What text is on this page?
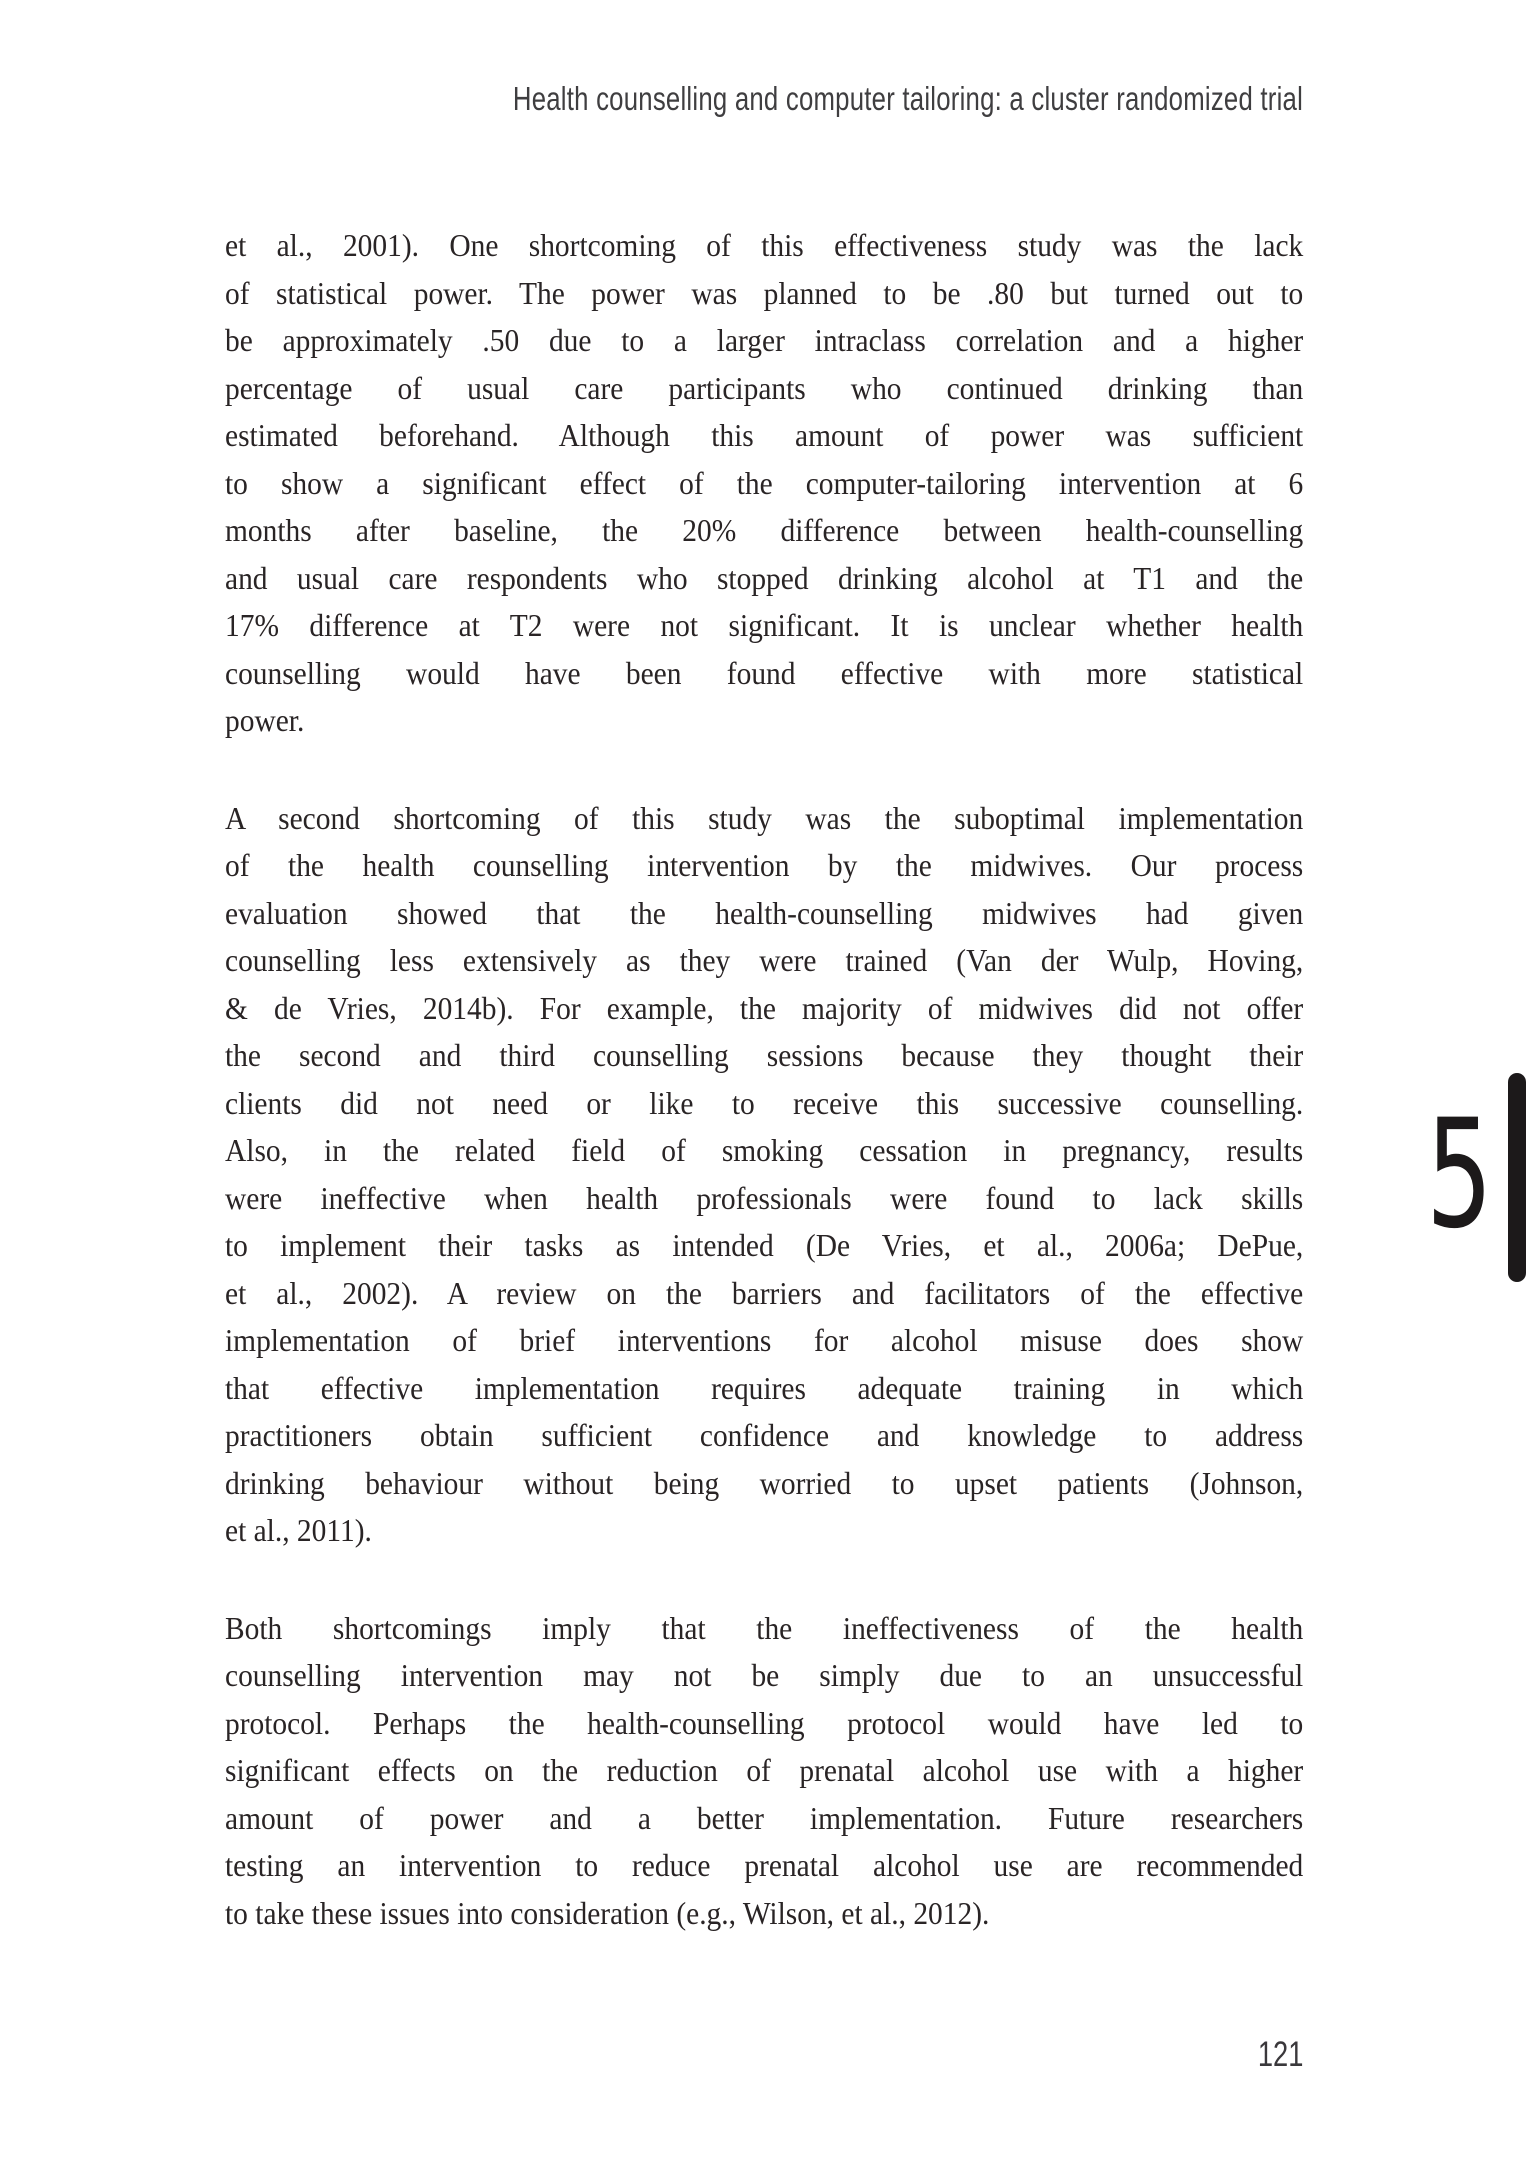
Health counselling and computer tailoring: a cluster randomized trial
et al., 2001). One shortcoming of this effectiveness study was the lack
of statistical power. The power was planned to be .80 but turned out to
be approximately .50 due to a larger intraclass correlation and a higher
percentage of usual care participants who continued drinking than
estimated beforehand. Although this amount of power was sufficient
to show a significant effect of the computer-tailoring intervention at 6
months after baseline, the 20% difference between health-counselling
and usual care respondents who stopped drinking alcohol at T1 and the
17% difference at T2 were not significant. It is unclear whether health
counselling would have been found effective with more statistical
power.
A second shortcoming of this study was the suboptimal implementation
of the health counselling intervention by the midwives. Our process
evaluation showed that the health-counselling midwives had given
counselling less extensively as they were trained (Van der Wulp, Hoving,
& de Vries, 2014b). For example, the majority of midwives did not offer
the second and third counselling sessions because they thought their
clients did not need or like to receive this successive counselling.
Also, in the related field of smoking cessation in pregnancy, results
were ineffective when health professionals were found to lack skills
to implement their tasks as intended (De Vries, et al., 2006a; DePue,
et al., 2002). A review on the barriers and facilitators of the effective
implementation of brief interventions for alcohol misuse does show
that effective implementation requires adequate training in which
practitioners obtain sufficient confidence and knowledge to address
drinking behaviour without being worried to upset patients (Johnson,
et al., 2011).
Both shortcomings imply that the ineffectiveness of the health
counselling intervention may not be simply due to an unsuccessful
protocol. Perhaps the health-counselling protocol would have led to
significant effects on the reduction of prenatal alcohol use with a higher
amount of power and a better implementation. Future researchers
testing an intervention to reduce prenatal alcohol use are recommended
to take these issues into consideration (e.g., Wilson, et al., 2012).
5
121
